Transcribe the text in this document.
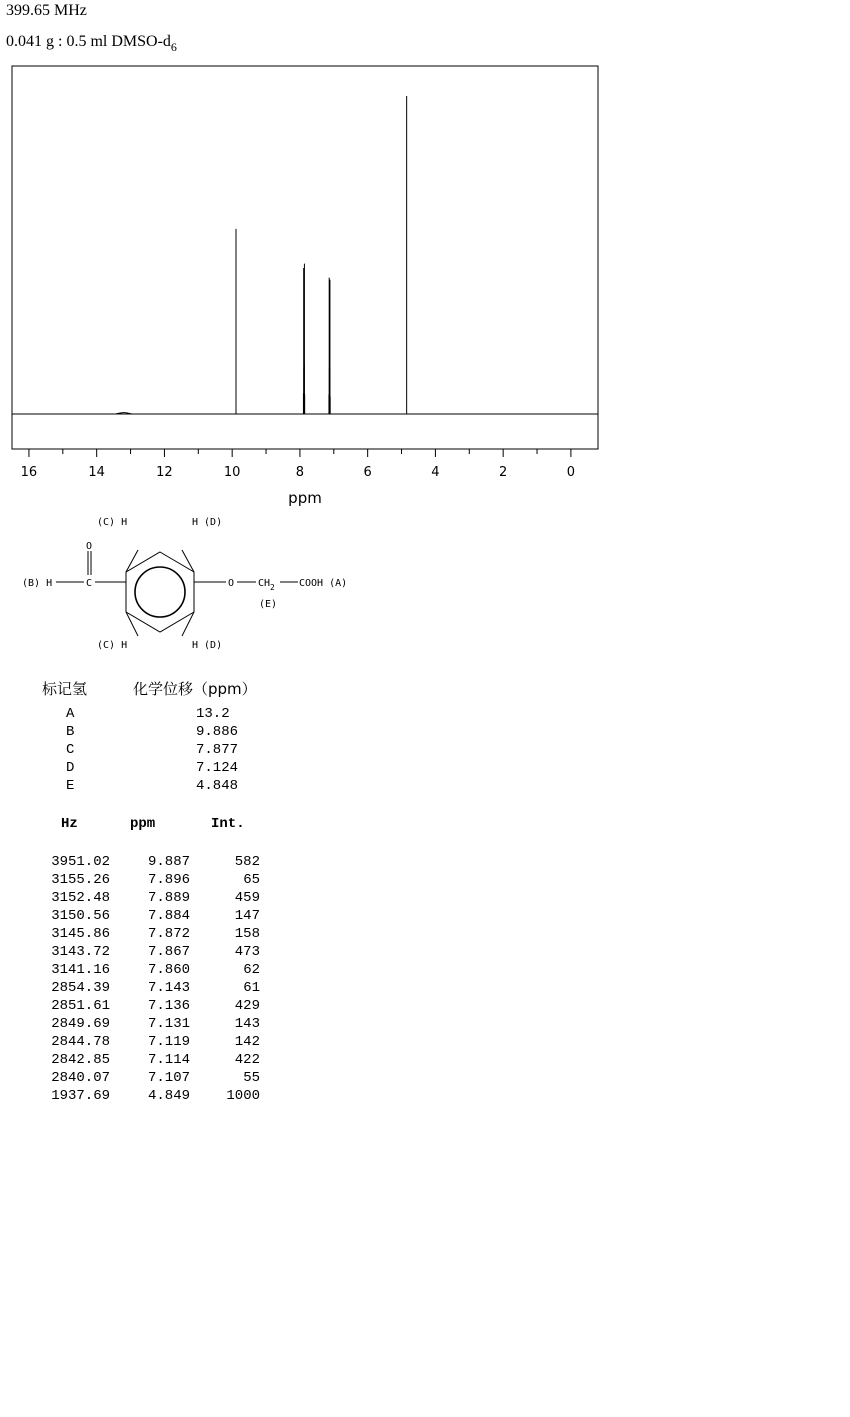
399.65 MHz
0.041 g : 0.5 ml DMSO-$d_6$
16	14	12	10	8	6	4	2	0
ppm
(C) H	H (D)
(C) H	H (D)
(B) H	C
O
O $CH_2$ COOH (A)
(E)
标记氢	化学位移（ppm）
A	13.2
B	9.886
C	7.877
D	7.124
E	4.848
Hz	ppm	Int.
3951.02	9.887	582
3155.26	7.896	65
3152.48	7.889	459
3150.56	7.884	147
3145.86	7.872	158
3143.72	7.867	473
3141.16	7.860	62
2854.39	7.143	61
2851.61	7.136	429
2849.69	7.131	143
2844.78	7.119	142
2842.85	7.114	422
2840.07	7.107	55
1937.69	4.849	1000
